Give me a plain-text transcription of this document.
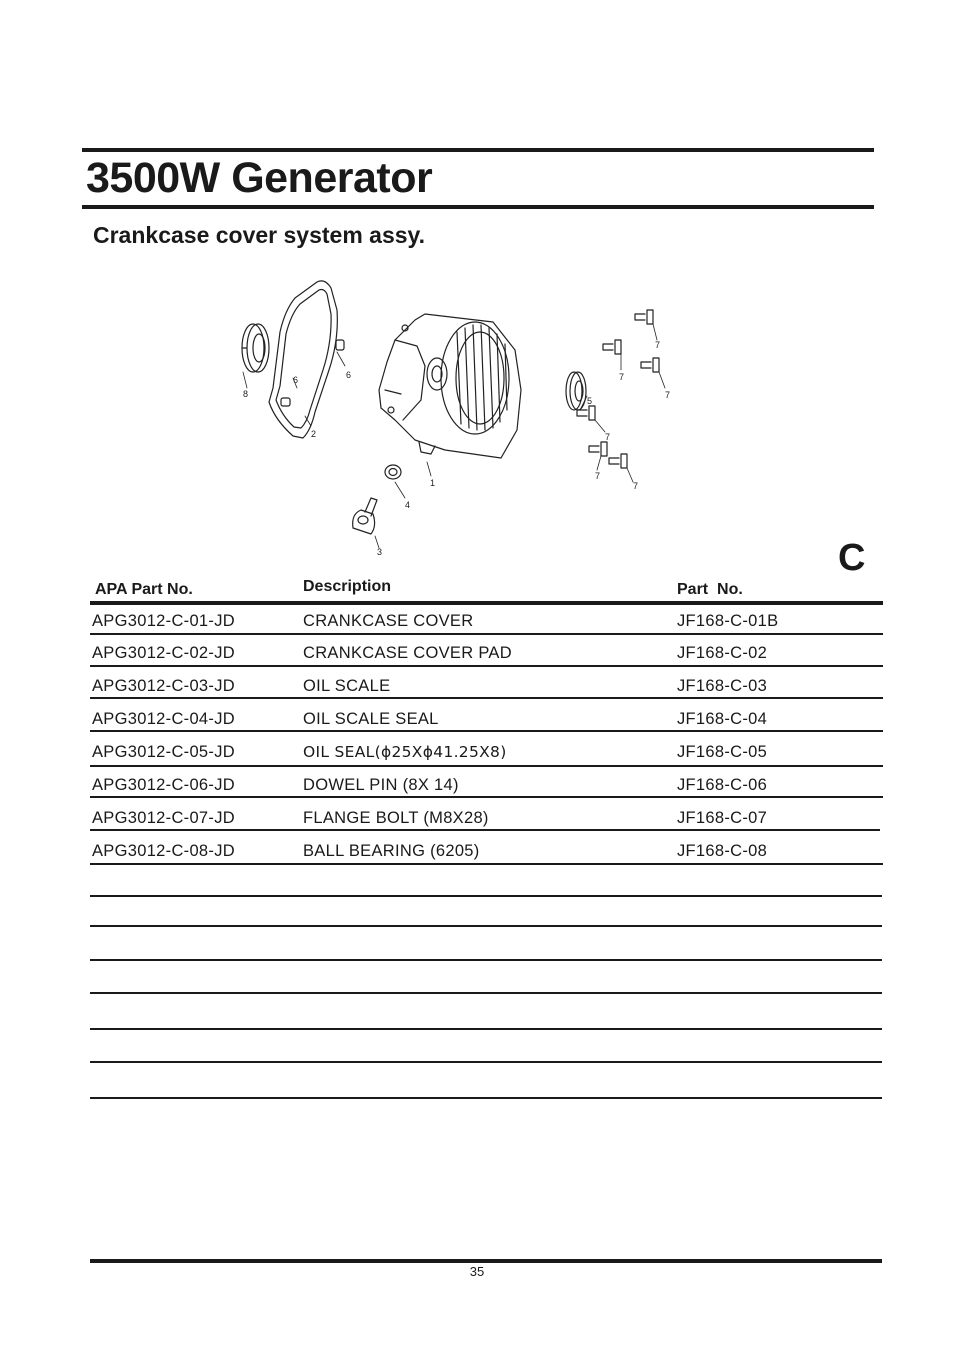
3500W Generator
Crankcase cover system assy.
1
2
3
4
5
6	6
7
7
7
7
7
7
8
C
APA Part No.	Description	Part  No.
APG3012-C-01-JD	CRANKCASE COVER	JF168-C-01B
APG3012-C-02-JD	CRANKCASE COVER PAD	JF168-C-02
APG3012-C-03-JD	OIL SCALE	JF168-C-03
APG3012-C-04-JD	OIL SCALE SEAL	JF168-C-04
APG3012-C-05-JD	OIL SEAL(ϕ25Xϕ41.25X8)	JF168-C-05
APG3012-C-06-JD	DOWEL PIN (8X 14)	JF168-C-06
APG3012-C-07-JD	FLANGE BOLT (M8X28)	JF168-C-07
APG3012-C-08-JD	BALL BEARING (6205)	JF168-C-08
35
